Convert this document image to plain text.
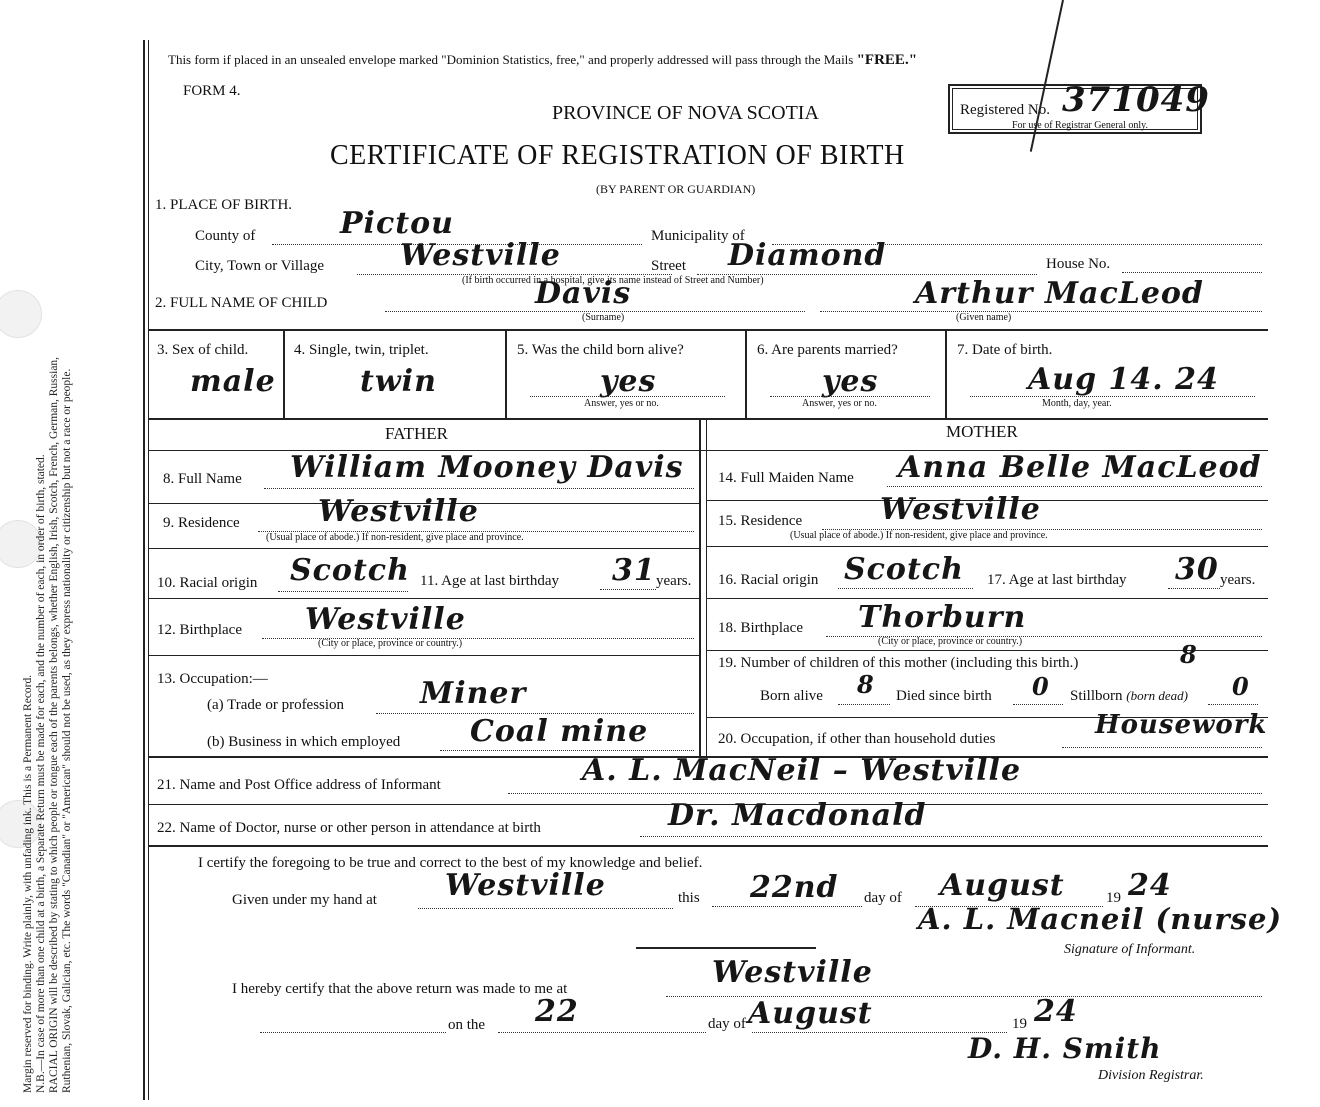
Margin reserved for binding. Write plainly, with unfading ink. This is a Permanent Record. N.B.—In case of more than one child at a birth, a Separate Return must be made for each, and the number of each, in order of birth, stated. RACIAL ORIGIN will be described by stating to which people or tongue each of the parents belongs, whether English, Irish, Scotch, French, German, Russian, Ruthenian, Slovak, Galician, etc. The words "Canadian" or "American" should not be used, as they express nationality or citizenship but not a race or people.
This form if placed in an unsealed envelope marked "Dominion Statistics, free," and properly addressed will pass through the Mails "FREE."
FORM 4.
PROVINCE OF NOVA SCOTIA
CERTIFICATE OF REGISTRATION OF BIRTH
(BY PARENT OR GUARDIAN)
Registered No. 371049
For use of Registrar General only.
1. PLACE OF BIRTH.
County of	Pictou	Municipality of
City, Town or Village	Westville	Street Diamond	House No.
(If birth occurred in a hospital, give its name instead of Street and Number)
2. FULL NAME OF CHILD	Davis
(Surname)
Arthur MacLeod
(Given name)
3. Sex of child.
male
4. Single, twin, triplet.
twin
5. Was the child born alive?
yes
Answer, yes or no.
6. Are parents married?
yes
Answer, yes or no.
7. Date of birth.
Aug 14. 24
Month, day, year.
FATHER	MOTHER
8. Full Name William Mooney Davis
9. Residence	Westville
(Usual place of abode.) If non-resident, give place and province.
10. Racial origin Scotch 11. Age at last birthday 31 years.
12. Birthplace Westville
(City or place, province or country.)
13. Occupation:—
(a) Trade or profession	Miner
(b) Business in which employed Coal mine
14. Full Maiden Name Anna Belle MacLeod
15. Residence	Westville
(Usual place of abode.) If non-resident, give place and province.
16. Racial origin Scotch 17. Age at last birthday 30 years.
18. Birthplace Thorburn
(City or place, province or country.)
19. Number of children of this mother (including this birth.)	8
Born alive 8 Died since birth 0 Stillborn (born dead) 0
20. Occupation, if other than household duties	Housework
21. Name and Post Office address of Informant	A. L. MacNeil – Westville
22. Name of Doctor, nurse or other person in attendance at birth	Dr. Macdonald
I certify the foregoing to be true and correct to the best of my knowledge and belief.
Given under my hand at Westville	this 22nd day of August	19 24
A. L. Macneil (nurse)
Signature of Informant.
I hereby certify that the above return was made to me at	Westville
on the 22	day of August	19 24
D. H. Smith
Division Registrar.
